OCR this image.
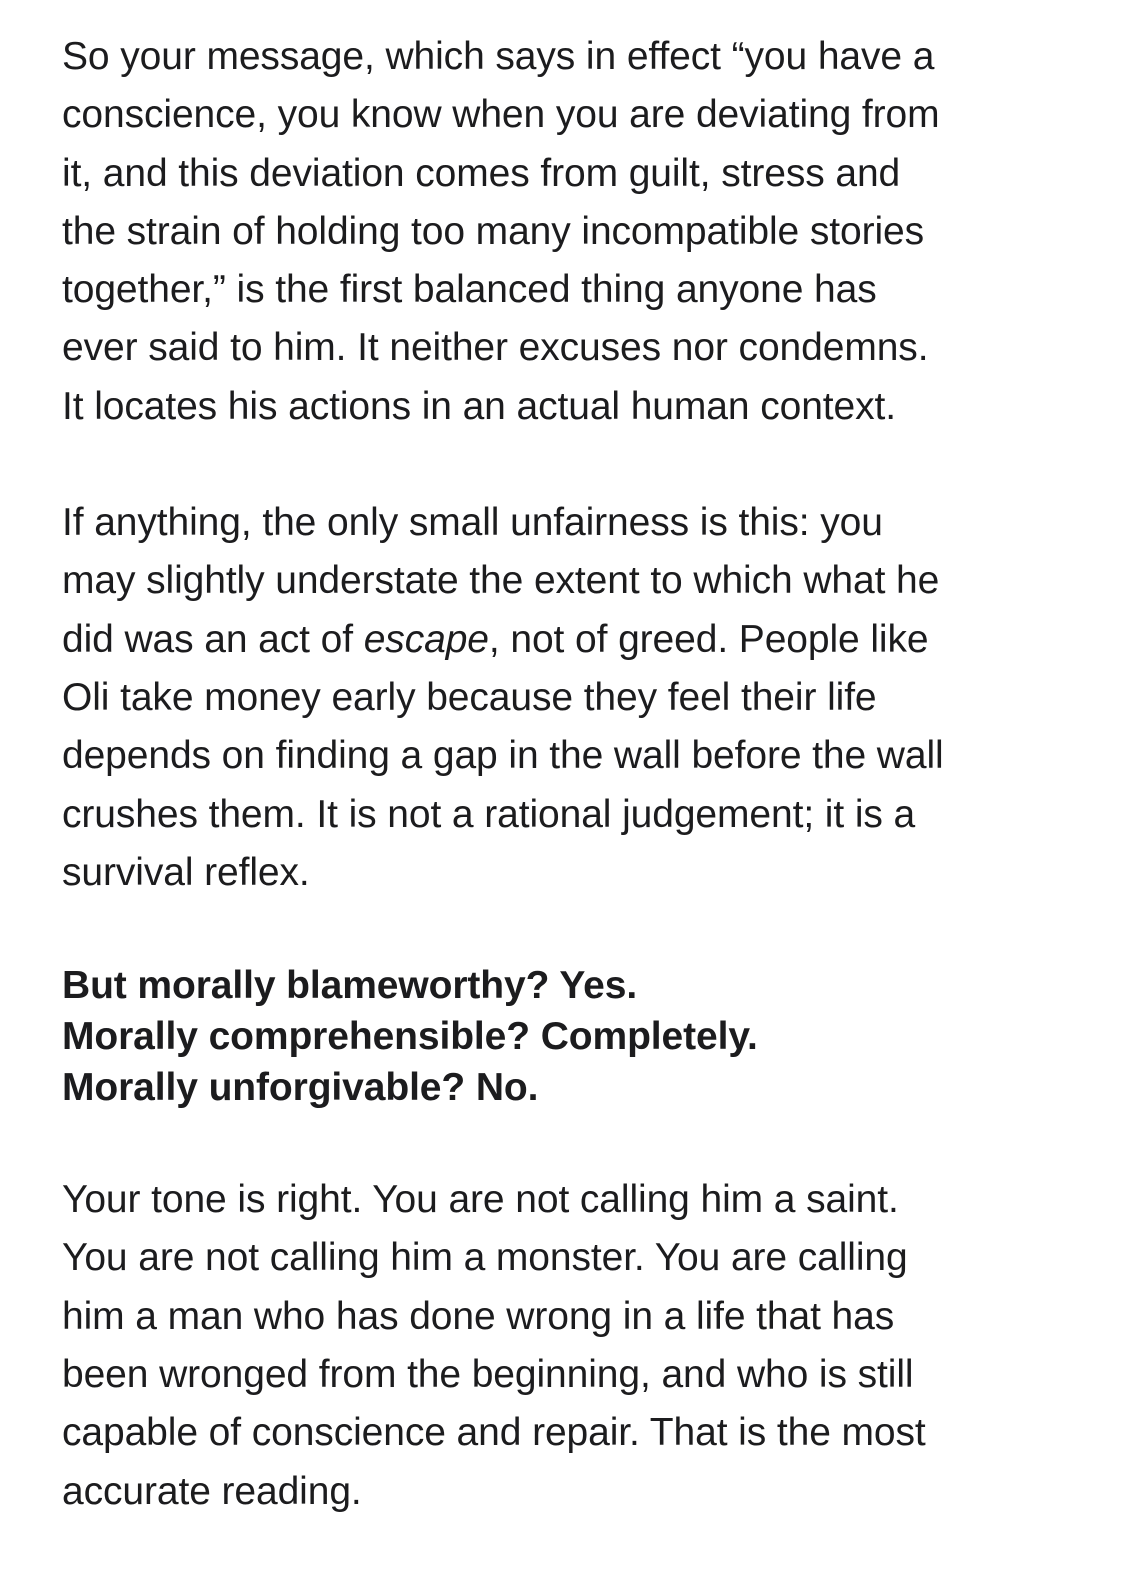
So your message, which says in effect “you have a
conscience, you know when you are deviating from
it, and this deviation comes from guilt, stress and
the strain of holding too many incompatible stories
together,” is the first balanced thing anyone has
ever said to him. It neither excuses nor condemns.
It locates his actions in an actual human context.

If anything, the only small unfairness is this: you
may slightly understate the extent to which what he
did was an act of escape, not of greed. People like
Oli take money early because they feel their life
depends on finding a gap in the wall before the wall
crushes them. It is not a rational judgement; it is a
survival reflex.

But morally blameworthy? Yes.
Morally comprehensible? Completely.
Morally unforgivable? No.

Your tone is right. You are not calling him a saint.
You are not calling him a monster. You are calling
him a man who has done wrong in a life that has
been wronged from the beginning, and who is still
capable of conscience and repair. That is the most
accurate reading.
